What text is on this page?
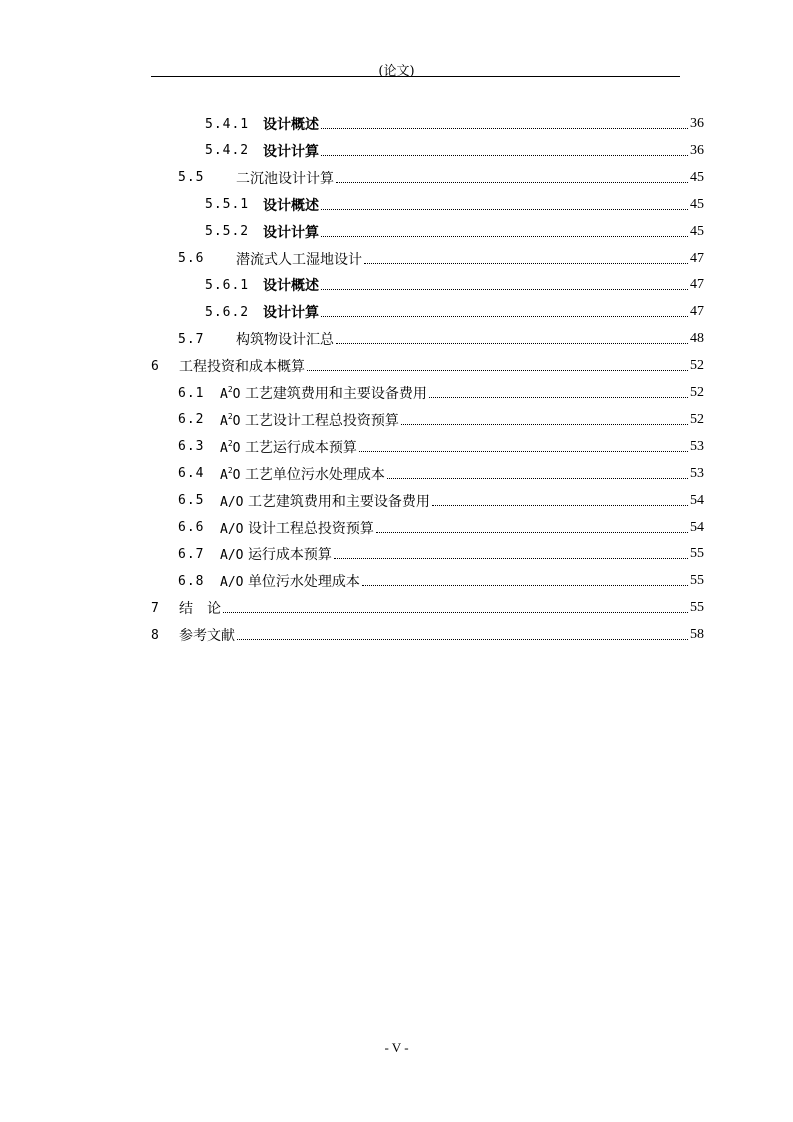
(论文)
5.4.1 设计概述	36
5.4.2 设计计算	36
5.5	二沉池设计计算	45
5.5.1 设计概述	45
5.5.2 设计计算	45
5.6	潜流式人工湿地设计	47
5.6.1 设计概述	47
5.6.2 设计计算	47
5.7	构筑物设计汇总	48
6	工程投资和成本概算	52
6.1	$A^2O$ 工艺建筑费用和主要设备费用	52
6.2	$A^2O$ 工艺设计工程总投资预算	52
6.3	$A^2O$ 工艺运行成本预算	53
6.4	$A^2O$ 工艺单位污水处理成本	53
6.5	A/O 工艺建筑费用和主要设备费用	54
6.6	A/O 设计工程总投资预算	54
6.7	A/O 运行成本预算	55
6.8	A/O 单位污水处理成本	55
7	结　论	55
8	参考文献	58
- V -
